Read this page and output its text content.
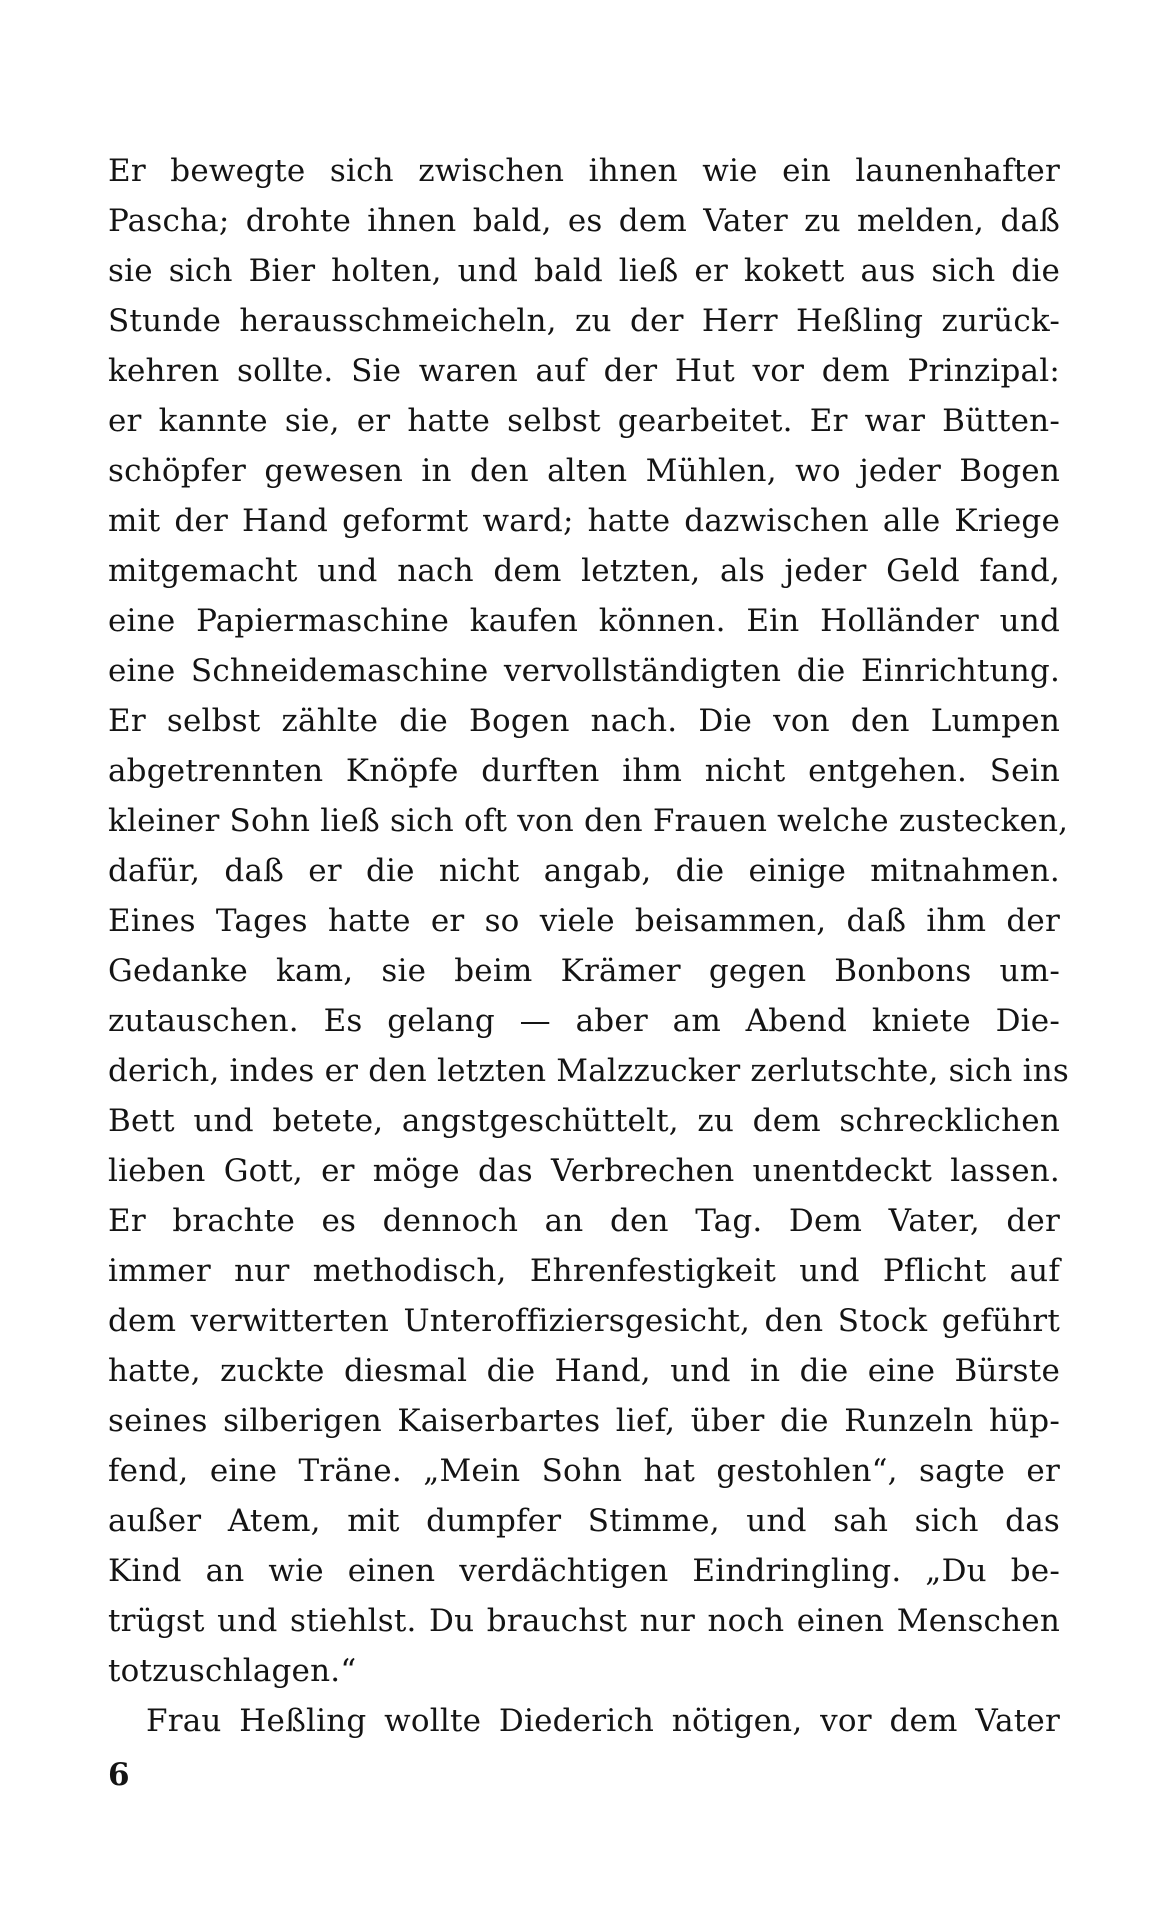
Er bewegte sich zwischen ihnen wie ein launenhafter
Pascha; drohte ihnen bald, es dem Vater zu melden, daß
sie sich Bier holten, und bald ließ er kokett aus sich die
Stunde herausschmeicheln, zu der Herr Heßling zurück-
kehren sollte. Sie waren auf der Hut vor dem Prinzipal:
er kannte sie, er hatte selbst gearbeitet. Er war Bütten-
schöpfer gewesen in den alten Mühlen, wo jeder Bogen
mit der Hand geformt ward; hatte dazwischen alle Kriege
mitgemacht und nach dem letzten, als jeder Geld fand,
eine Papiermaschine kaufen können. Ein Holländer und
eine Schneidemaschine vervollständigten die Einrichtung.
Er selbst zählte die Bogen nach. Die von den Lumpen
abgetrennten Knöpfe durften ihm nicht entgehen. Sein
kleiner Sohn ließ sich oft von den Frauen welche zustecken,
dafür, daß er die nicht angab, die einige mitnahmen.
Eines Tages hatte er so viele beisammen, daß ihm der
Gedanke kam, sie beim Krämer gegen Bonbons um-
zutauschen. Es gelang — aber am Abend kniete Die-
derich, indes er den letzten Malzzucker zerlutschte, sich ins
Bett und betete, angstgeschüttelt, zu dem schrecklichen
lieben Gott, er möge das Verbrechen unentdeckt lassen.
Er brachte es dennoch an den Tag. Dem Vater, der
immer nur methodisch, Ehrenfestigkeit und Pflicht auf
dem verwitterten Unteroffiziersgesicht, den Stock geführt
hatte, zuckte diesmal die Hand, und in die eine Bürste
seines silberigen Kaiserbartes lief, über die Runzeln hüp-
fend, eine Träne. „Mein Sohn hat gestohlen“, sagte er
außer Atem, mit dumpfer Stimme, und sah sich das
Kind an wie einen verdächtigen Eindringling. „Du be-
trügst und stiehlst. Du brauchst nur noch einen Menschen
totzuschlagen.“
Frau Heßling wollte Diederich nötigen, vor dem Vater
6
